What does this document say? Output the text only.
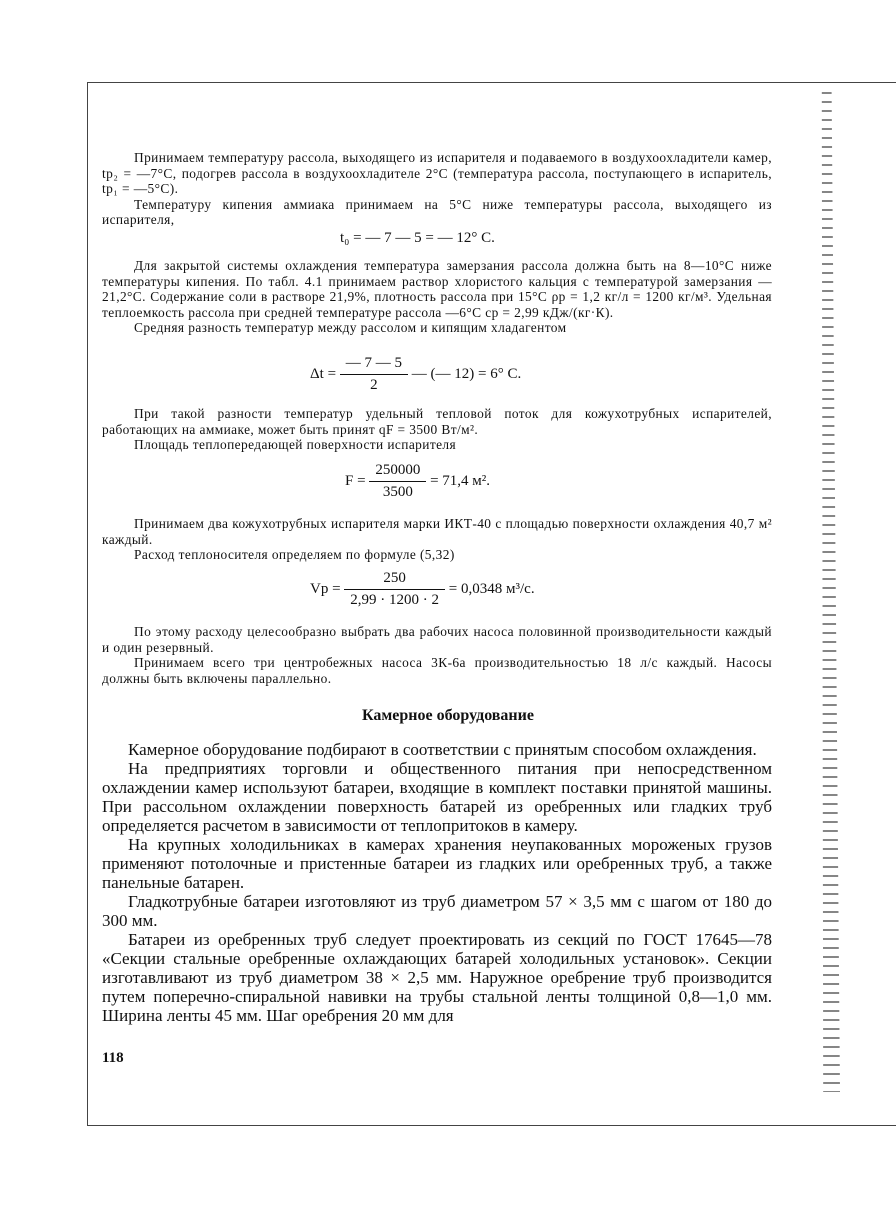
Принимаем температуру рассола, выходящего из испарителя и подаваемого в воздухоохладители камер, tр₂ = —7°С, подогрев рассола в воздухоохладителе 2°С (температура рассола, поступающего в испаритель, tр₁ = —5°С).

Температуру кипения аммиака принимаем на 5°С ниже температуры рассола, выходящего из испарителя,

t₀ = — 7 — 5 = — 12° С.

Для закрытой системы охлаждения температура замерзания рассола должна быть на 8—10°С ниже температуры кипения. По табл. 4.1 принимаем раствор хлористого кальция с температурой замерзания —21,2°С. Содержание соли в растворе 21,9%, плотность рассола при 15°С ρр = 1,2 кг/л = 1200 кг/м³. Удельная теплоемкость рассола при средней температуре рассола —6°С cр = 2,99 кДж/(кг·К).

Средняя разность температур между рассолом и кипящим хладагентом

$\Delta t = \frac{— 7 — 5}{2}$ — (— 12) = 6° С.

При такой разности температур удельный тепловой поток для кожухотрубных испарителей, работающих на аммиаке, может быть принят qF = 3500 Вт/м².

Площадь теплопередающей поверхности испарителя

$F = \frac{250000}{3500} = 71,4$ м².

Принимаем два кожухотрубных испарителя марки ИКТ-40 с площадью поверхности охлаждения 40,7 м² каждый.

Расход теплоносителя определяем по формуле (5,32)

Vр = $\frac{250}{2,99 \cdot 1200 \cdot 2} = 0,0348$ м³/с.

По этому расходу целесообразно выбрать два рабочих насоса половинной производительности каждый и один резервный.

Принимаем всего три центробежных насоса 3К-6а производительностью 18 л/с каждый. Насосы должны быть включены параллельно.

Камерное оборудование

Камерное оборудование подбирают в соответствии с принятым способом охлаждения.

На предприятиях торговли и общественного питания при непосредственном охлаждении камер используют батареи, входящие в комплект поставки принятой машины. При рассольном охлаждении поверхность батарей из оребренных или гладких труб определяется расчетом в зависимости от теплопритоков в камеру.

На крупных холодильниках в камерах хранения неупакованных мороженых грузов применяют потолочные и пристенные батареи из гладких или оребренных труб, а также панельные батарен.

Гладкотрубные батареи изготовляют из труб диаметром 57 × 3,5 мм с шагом от 180 до 300 мм.

Батареи из оребренных труб следует проектировать из секций по ГОСТ 17645—78 «Секции стальные оребренные охлаждающих батарей холодильных установок». Секции изготавливают из труб диаметром 38 × 2,5 мм. Наружное оребрение труб производится путем поперечно-спиральной навивки на трубы стальной ленты толщиной 0,8—1,0 мм. Ширина ленты 45 мм. Шаг оребрения 20 мм для

118
